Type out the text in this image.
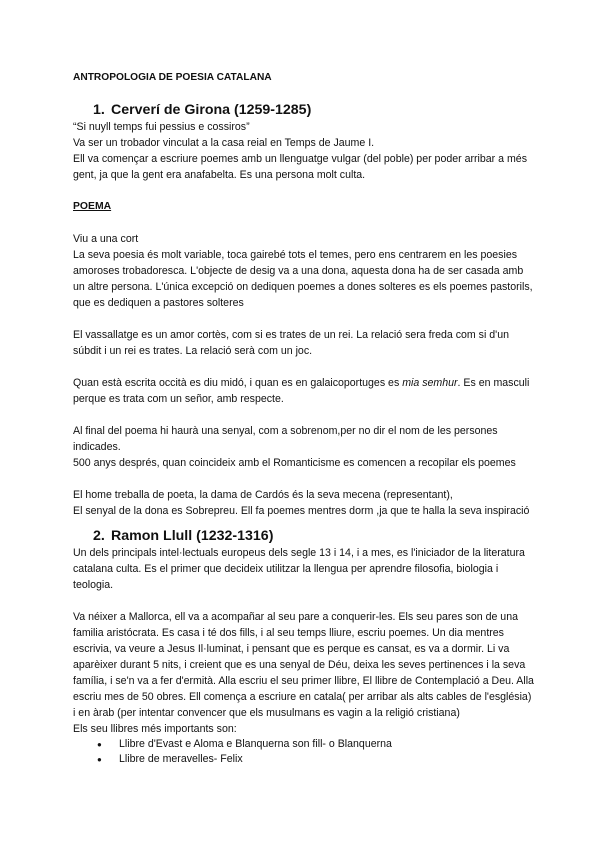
ANTROPOLOGIA DE POESIA CATALANA

1. Cerverí de Girona (1259-1285)

“Si nuyll temps fui pessius e cossiros”

Va ser un trobador vinculat a la casa reial en Temps de Jaume I.

Ell va començar a escriure poemes amb un llenguatge vulgar (del poble) per poder arribar a més gent, ja que la gent era anafabelta. Es una persona molt culta.

POEMA

Viu a una cort

La seva poesia és molt variable, toca gairebé tots el temes, pero ens centrarem en les poesies amoroses trobadoresca. L'objecte de desig va a una dona, aquesta dona ha de ser casada amb un altre persona. L'única excepció on dediquen poemes a dones solteres es els poemes pastorils, que es dediquen a pastores solteres

El vassallatge es un amor cortès, com si es trates de un rei. La relació sera freda com si d'un súbdit i un rei es trates. La relació serà com un joc.

Quan està escrita occità es diu midó, i quan es en galaicoportuges es mia semhur. Es en masculi perque es trata com un señor, amb respecte.

Al final del poema hi haurà una senyal, com a sobrenom,per no dir el nom de les persones indicades.

500 anys després, quan coincideix amb el Romanticisme es comencen a recopilar els poemes

El home treballa de poeta, la dama de Cardós és la seva mecena (representant),

El senyal de la dona es Sobrepreu. Ell fa poemes mentres dorm ,ja que te halla la seva inspiració

2. Ramon Llull (1232-1316)

Un dels principals intel·lectuals europeus dels segle 13 i 14, i a mes, es l'iniciador de la literatura catalana culta. Es el primer que decideix utilitzar la llengua per aprendre filosofia, biologia i teologia.

Va néixer a Mallorca, ell va a acompañar al seu pare a conquerir-les. Els seu pares son de una familia aristócrata. Es casa i té dos fills, i al seu temps lliure, escriu poemes. Un dia mentres escrivia, va veure a Jesus Il·luminat, i pensant que es perque es cansat, es va a dormir. Li va aparèixer durant 5 nits, i creient que es una senyal de Déu, deixa les seves pertinences i la seva família, i se'n va a fer d'ermità. Alla escriu el seu primer llibre, El llibre de Contemplació a Deu. Alla escriu mes de 50 obres. Ell comença a escriure en catala( per arribar als alts cables de l'església) i en àrab (per intentar convencer que els musulmans es vagin a la religió cristiana)

Els seu llibres més importants son:

● Llibre d'Evast e Aloma e Blanquerna son fill- o Blanquerna
● Llibre de meravelles- Felix
